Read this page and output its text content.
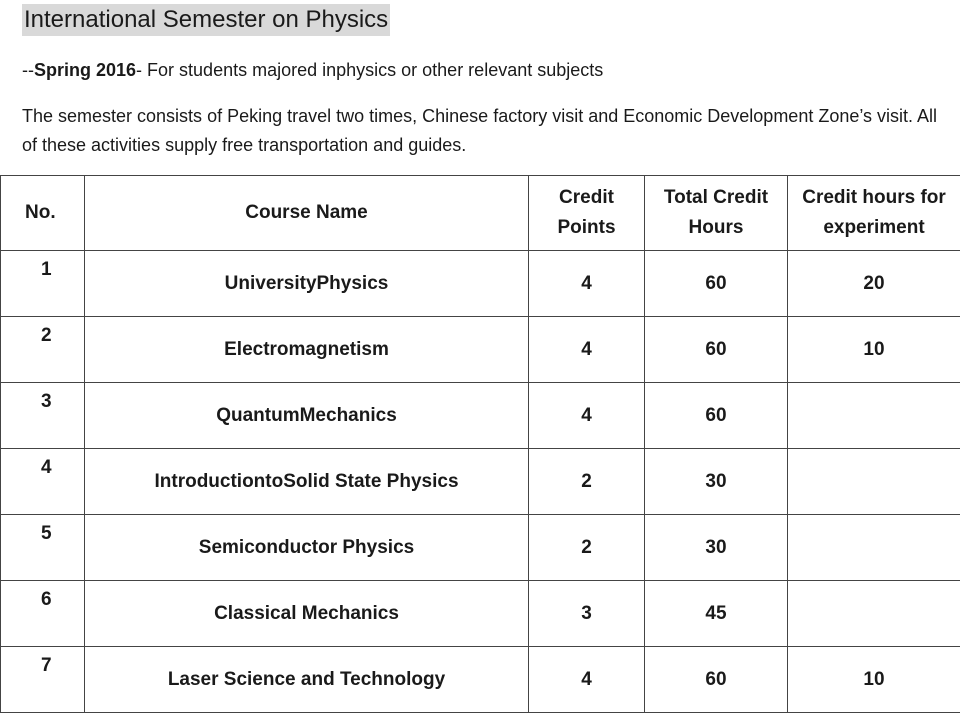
International Semester on Physics
--Spring 2016- For students majored inphysics or other relevant subjects
The semester consists of Peking travel two times, Chinese factory visit and Economic Development Zone’s visit. All of these activities supply free transportation and guides.
No.	Course Name	Credit Points	Total Credit Hours	Credit hours for experiment
1	UniversityPhysics	4	60	20
2	Electromagnetism	4	60	10
3	QuantumMechanics	4	60	
4	IntroductiontoSolid State Physics	2	30	
5	Semiconductor Physics	2	30	
6	Classical Mechanics	3	45	
7	Laser Science and Technology	4	60	10
